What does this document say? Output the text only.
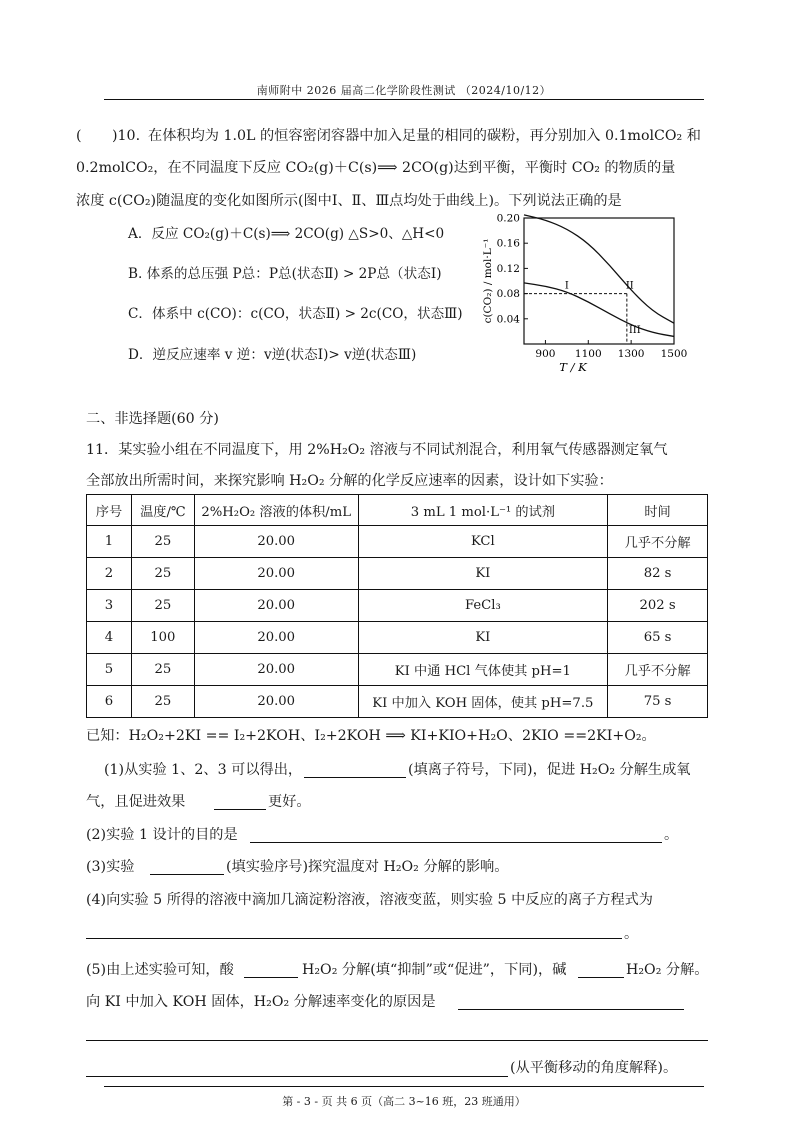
南师附中 2026 届高二化学阶段性测试 （2024/10/12）
( )10. 在体积均为 1.0L 的恒容密闭容器中加入足量的相同的碳粉，再分别加入 0.1molCO₂ 和
0.2molCO₂，在不同温度下反应 CO₂(g)＋C(s)⟹ 2CO(g)达到平衡，平衡时 CO₂ 的物质的量
浓度 c(CO₂)随温度的变化如图所示(图中Ⅰ、Ⅱ、Ⅲ点均处于曲线上)。下列说法正确的是
A．反应 CO₂(g)＋C(s)⟹ 2CO(g) △S>0、△H<0
B. 体系的总压强 P总：P总(状态Ⅱ) > 2P总（状态Ⅰ)
C．体系中 c(CO)：c(CO，状态Ⅱ) > 2c(CO，状态Ⅲ)
D．逆反应速率 v 逆：v逆(状态Ⅰ)> v逆(状态Ⅲ)
0.04
0.08
0.12
0.16
0.20
900 1100 1300 1500
T / K
c(CO₂) / mol·L⁻¹	I	II
III
二、非选择题(60 分)
11．某实验小组在不同温度下，用 2%H₂O₂ 溶液与不同试剂混合，利用氧气传感器测定氧气
全部放出所需时间，来探究影响 H₂O₂ 分解的化学反应速率的因素，设计如下实验：
序号	温度/℃	2%H₂O₂ 溶液的体积/mL	3 mL 1 mol·L⁻¹ 的试剂	时间
1	25	20.00	KCl	几乎不分解
2	25	20.00	KI	82 s
3	25	20.00	FeCl₃	202 s
4	100	20.00	KI	65 s
5	25	20.00	KI 中通 HCl 气体使其 pH=1	几乎不分解
6	25	20.00	KI 中加入 KOH 固体，使其 pH=7.5	75 s
已知：H₂O₂+2KI == I₂+2KOH、I₂+2KOH ⟹ KI+KIO+H₂O、2KIO ==2KI+O₂。
(1)从实验 1、2、3 可以得出，	(填离子符号，下同)，促进 H₂O₂ 分解生成氧
气，且促进效果	更好。
(2)实验 1 设计的目的是	。
(3)实验	(填实验序号)探究温度对 H₂O₂ 分解的影响。
(4)向实验 5 所得的溶液中滴加几滴淀粉溶液，溶液变蓝，则实验 5 中反应的离子方程式为
。
(5)由上述实验可知，酸	H₂O₂ 分解(填“抑制”或“促进”，下同)，碱	H₂O₂ 分解。
向 KI 中加入 KOH 固体，H₂O₂ 分解速率变化的原因是
(从平衡移动的角度解释)。
第 - 3 - 页 共 6 页（高二 3~16 班，23 班通用）
